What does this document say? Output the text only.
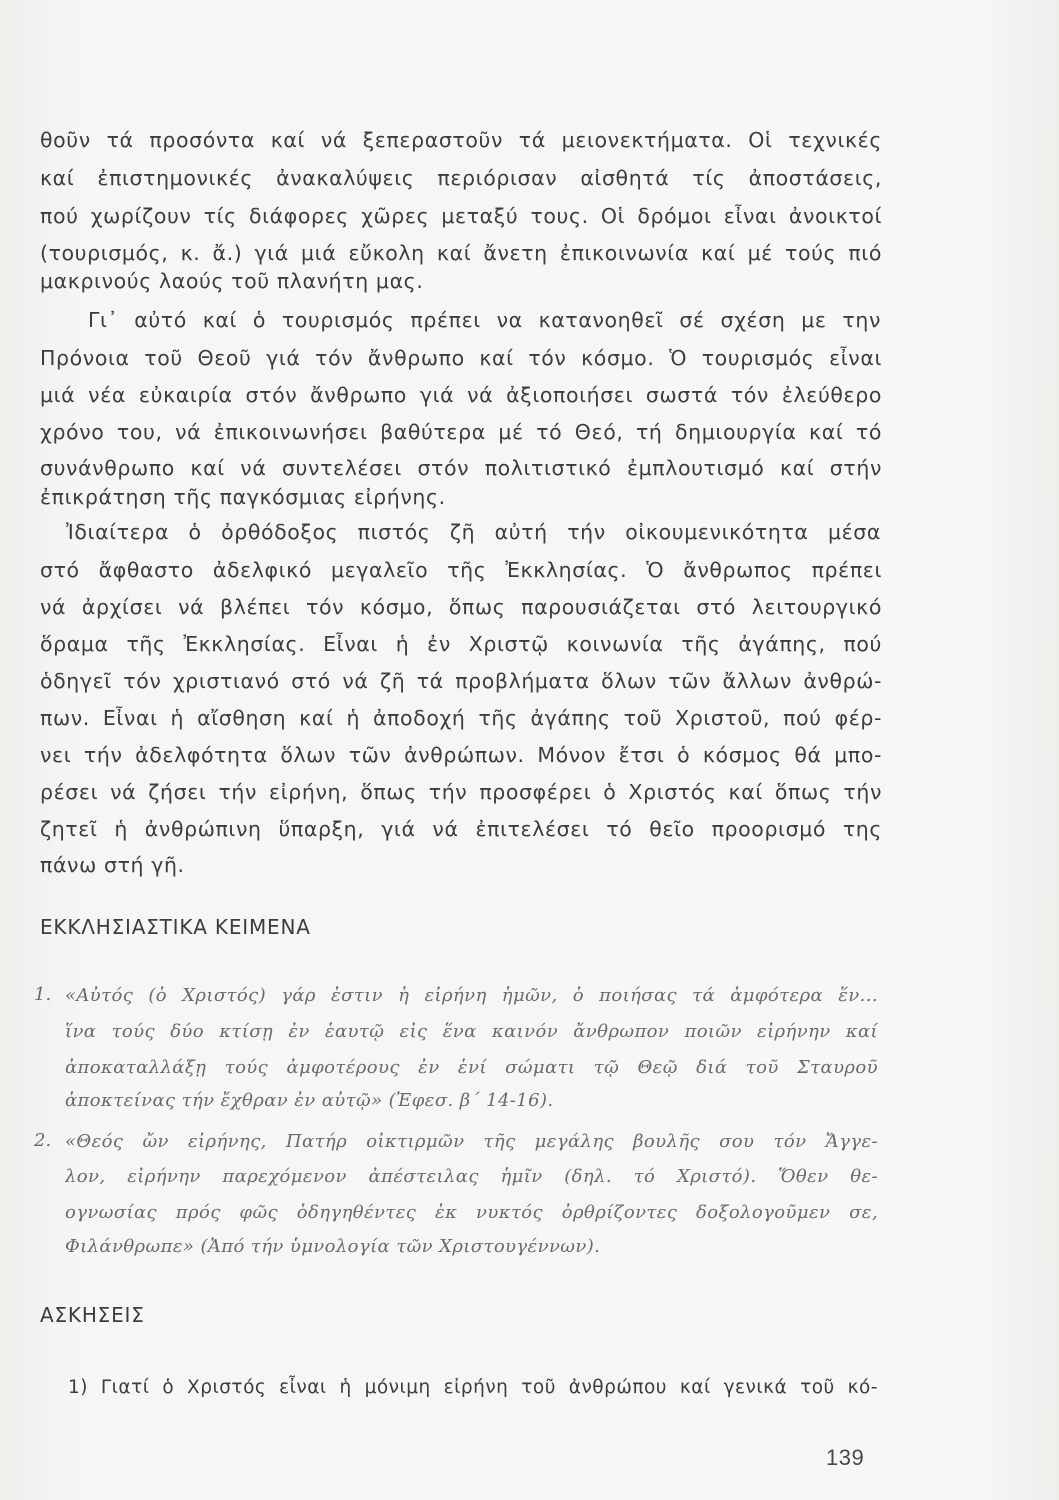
θοῦν τά προσόντα καί νά ξεπεραστοῦν τά μειονεκτήματα. Οἱ τεχνικές
καί ἐπιστημονικές ἀνακαλύψεις περιόρισαν αἰσθητά τίς ἀποστάσεις,
πού χωρίζουν τίς διάφορες χῶρες μεταξύ τους. Οἱ δρόμοι εἶναι ἀνοικτοί
(τουρισμός, κ. ἄ.) γιά μιά εὔκολη καί ἄνετη ἐπικοινωνία καί μέ τούς πιό
μακρινούς λαούς τοῦ πλανήτη μας.
Γι᾽ αὐτό καί ὁ τουρισμός πρέπει να κατανοηθεῖ σέ σχέση με την
Πρόνοια τοῦ Θεοῦ γιά τόν ἄνθρωπο καί τόν κόσμο. Ὁ τουρισμός εἶναι
μιά νέα εὐκαιρία στόν ἄνθρωπο γιά νά ἀξιοποιήσει σωστά τόν ἐλεύθερο
χρόνο του, νά ἐπικοινωνήσει βαθύτερα μέ τό Θεό, τή δημιουργία καί τό
συνάνθρωπο καί νά συντελέσει στόν πολιτιστικό ἐμπλουτισμό καί στήν
ἐπικράτηση τῆς παγκόσμιας εἰρήνης.
Ἰδιαίτερα ὁ ὀρθόδοξος πιστός ζῆ αὐτή τήν οἰκουμενικότητα μέσα
στό ἄφθαστο ἀδελφικό μεγαλεῖο τῆς Ἐκκλησίας. Ὁ ἄνθρωπος πρέπει
νά ἀρχίσει νά βλέπει τόν κόσμο, ὅπως παρουσιάζεται στό λειτουργικό
ὅραμα τῆς Ἐκκλησίας. Εἶναι ἡ ἐν Χριστῷ κοινωνία τῆς ἀγάπης, πού
ὁδηγεῖ τόν χριστιανό στό νά ζῆ τά προβλήματα ὅλων τῶν ἄλλων ἀνθρώ-
πων. Εἶναι ἡ αἴσθηση καί ἡ ἀποδοχή τῆς ἀγάπης τοῦ Χριστοῦ, πού φέρ-
νει τήν ἀδελφότητα ὅλων τῶν ἀνθρώπων. Μόνον ἔτσι ὁ κόσμος θά μπο-
ρέσει νά ζήσει τήν εἰρήνη, ὅπως τήν προσφέρει ὁ Χριστός καί ὅπως τήν
ζητεῖ ἡ ἀνθρώπινη ὕπαρξη, γιά νά ἐπιτελέσει τό θεῖο προορισμό της
πάνω στή γῆ.
ΕΚΚΛΗΣΙΑΣΤΙΚΑ ΚΕΙΜΕΝΑ
1. «Αὐτός (ὁ Χριστός) γάρ ἐστιν ἡ εἰρήνη ἡμῶν, ὁ ποιήσας τά ἀμφότερα ἕν...
ἵνα τούς δύο κτίσῃ ἐν ἑαυτῷ εἰς ἕνα καινόν ἄνθρωπον ποιῶν εἰρήνην καί
ἀποκαταλλάξῃ τούς ἀμφοτέρους ἐν ἑνί σώματι τῷ Θεῷ διά τοῦ Σταυροῦ
ἀποκτείνας τήν ἔχθραν ἐν αὐτῷ» (Ἐφεσ. β´ 14-16).
2. «Θεός ὤν εἰρήνης, Πατήρ οἰκτιρμῶν τῆς μεγάλης βουλῆς σου τόν Ἄγγε-
λον, εἰρήνην παρεχόμενον ἀπέστειλας ἡμῖν (δηλ. τό Χριστό). Ὅθεν θε-
ογνωσίας πρός φῶς ὁδηγηθέντες ἐκ νυκτός ὀρθρίζοντες δοξολογοῦμεν σε,
Φιλάνθρωπε» (Ἀπό τήν ὑμνολογία τῶν Χριστουγέννων).
ΑΣΚΗΣΕΙΣ
1) Γιατί ὁ Χριστός εἶναι ἡ μόνιμη εἰρήνη τοῦ ἀνθρώπου καί γενικά τοῦ κό-
139
